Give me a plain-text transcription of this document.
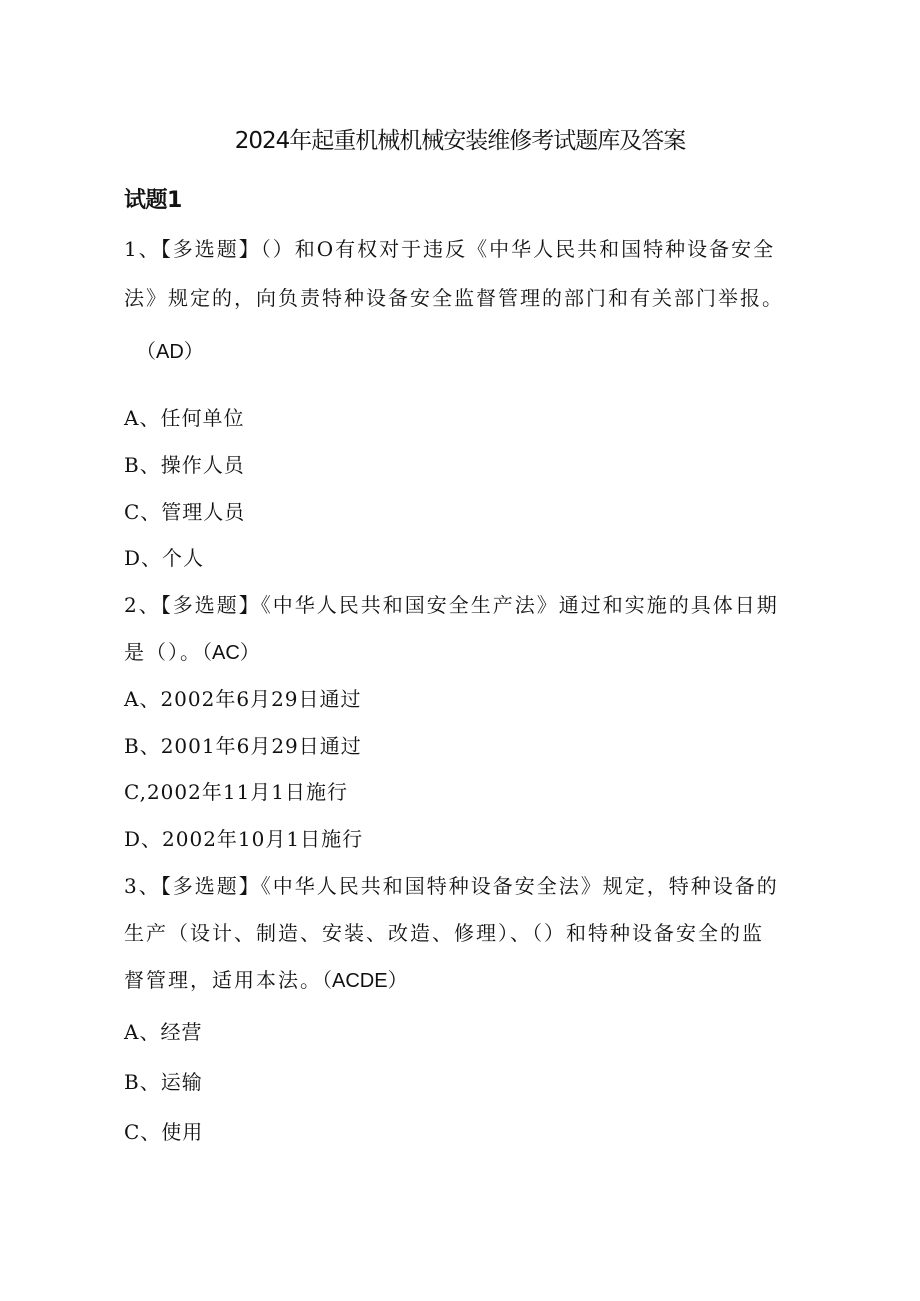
2024年起重机械机械安装维修考试题库及答案
试题1
1、【多选题】（）和O有权对于违反《中华人民共和国特种设备安全
法》规定的，向负责特种设备安全监督管理的部门和有关部门举报。
（AD）
A、任何单位
B、操作人员
C、管理人员
D、个人
2、【多选题】《中华人民共和国安全生产法》通过和实施的具体日期
是（）。（AC）
A、2002年6月29日通过
B、2001年6月29日通过
C,2002年11月1日施行
D、2002年10月1日施行
3、【多选题】《中华人民共和国特种设备安全法》规定，特种设备的
生产（设计、制造、安装、改造、修理）、（）和特种设备安全的监
督管理，适用本法。（ACDE）
A、经营
B、运输
C、使用
